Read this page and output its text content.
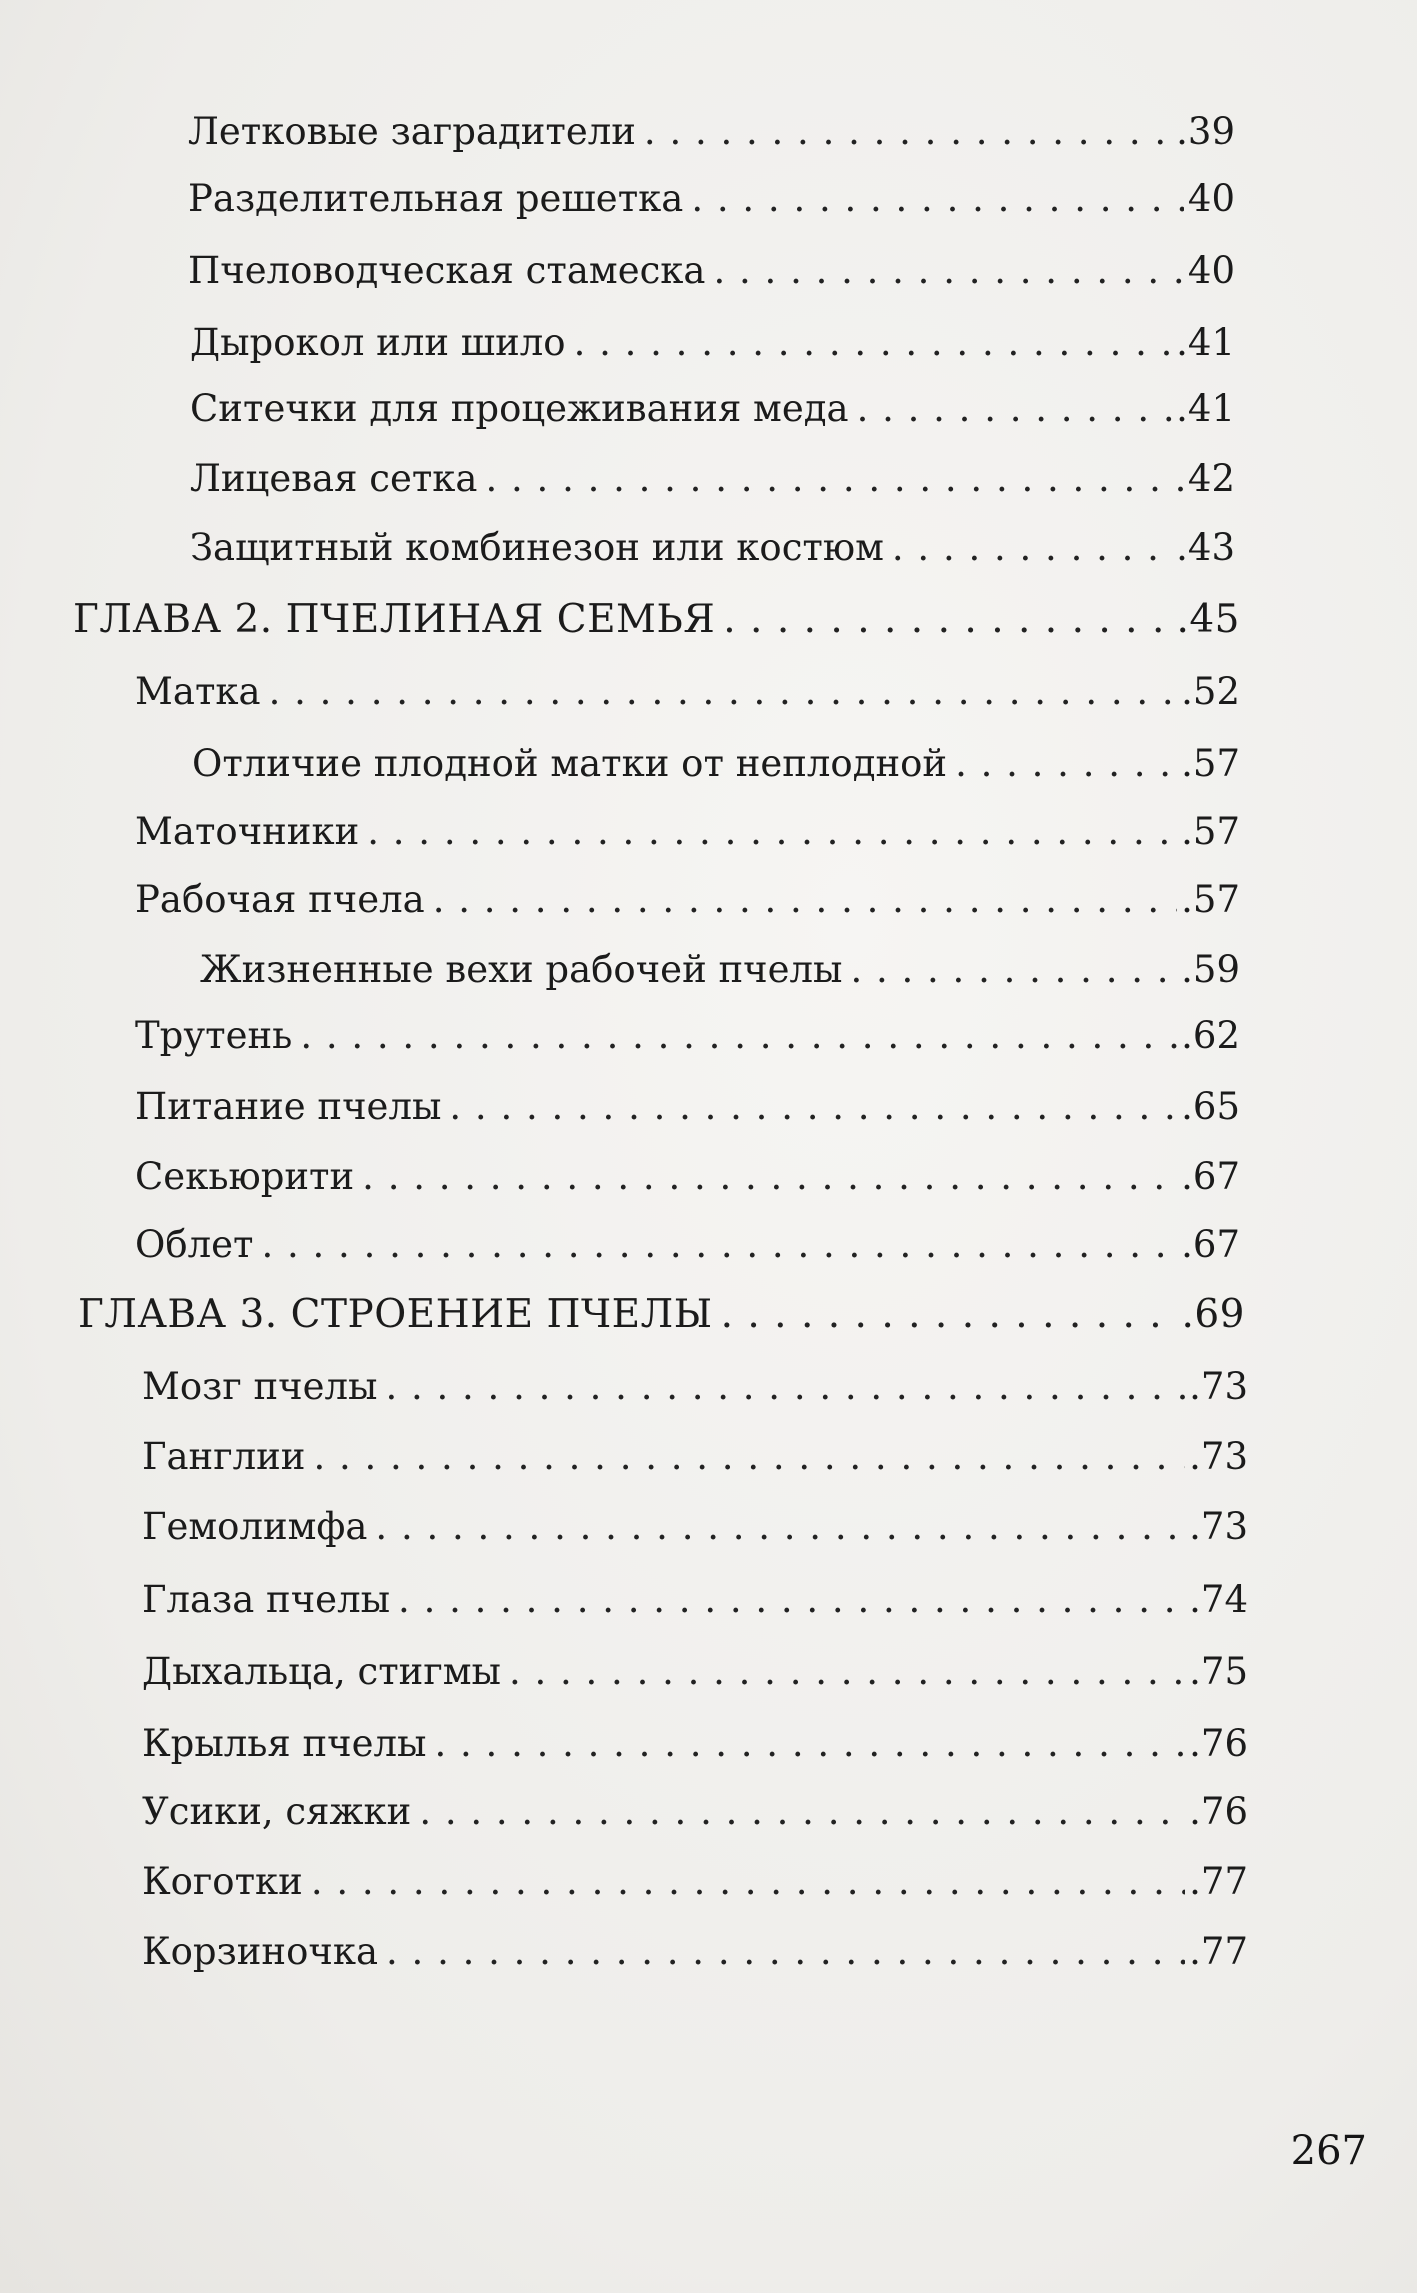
Летковые заградители . . .	.39
Разделительная решетка . . .	40
Пчеловодческая стамеска . . .	40
Дырокол или шило . . .	.41
Ситечки для процеживания меда . . .	.41
Лицевая сетка . . .	42
Защитный комбинезон или костюм . . .	.43
ГЛАВА 2. ПЧЕЛИНАЯ СЕМЬЯ . . .	.45
Матка . . .	.52
Отличие плодной матки от неплодной . . .	.57
Маточники . . .	.57
Рабочая пчела . . .	.57
Жизненные вехи рабочей пчелы . . .	.59
Трутень . . .	.62
Питание пчелы . . .	.65
Секьюрити . . .	.67
Облет . . .	.67
ГЛАВА 3. СТРОЕНИЕ ПЧЕЛЫ . . .	.69
Мозг пчелы . . .	.73
Ганглии . . .	.73
Гемолимфа . . .	.73
Глаза пчелы . . .	.74
Дыхальца, стигмы . . .	.75
Крылья пчелы . . .	.76
Усики, сяжки . . .	.76
Коготки . . .	.77
Корзиночка . . .	.77
267
